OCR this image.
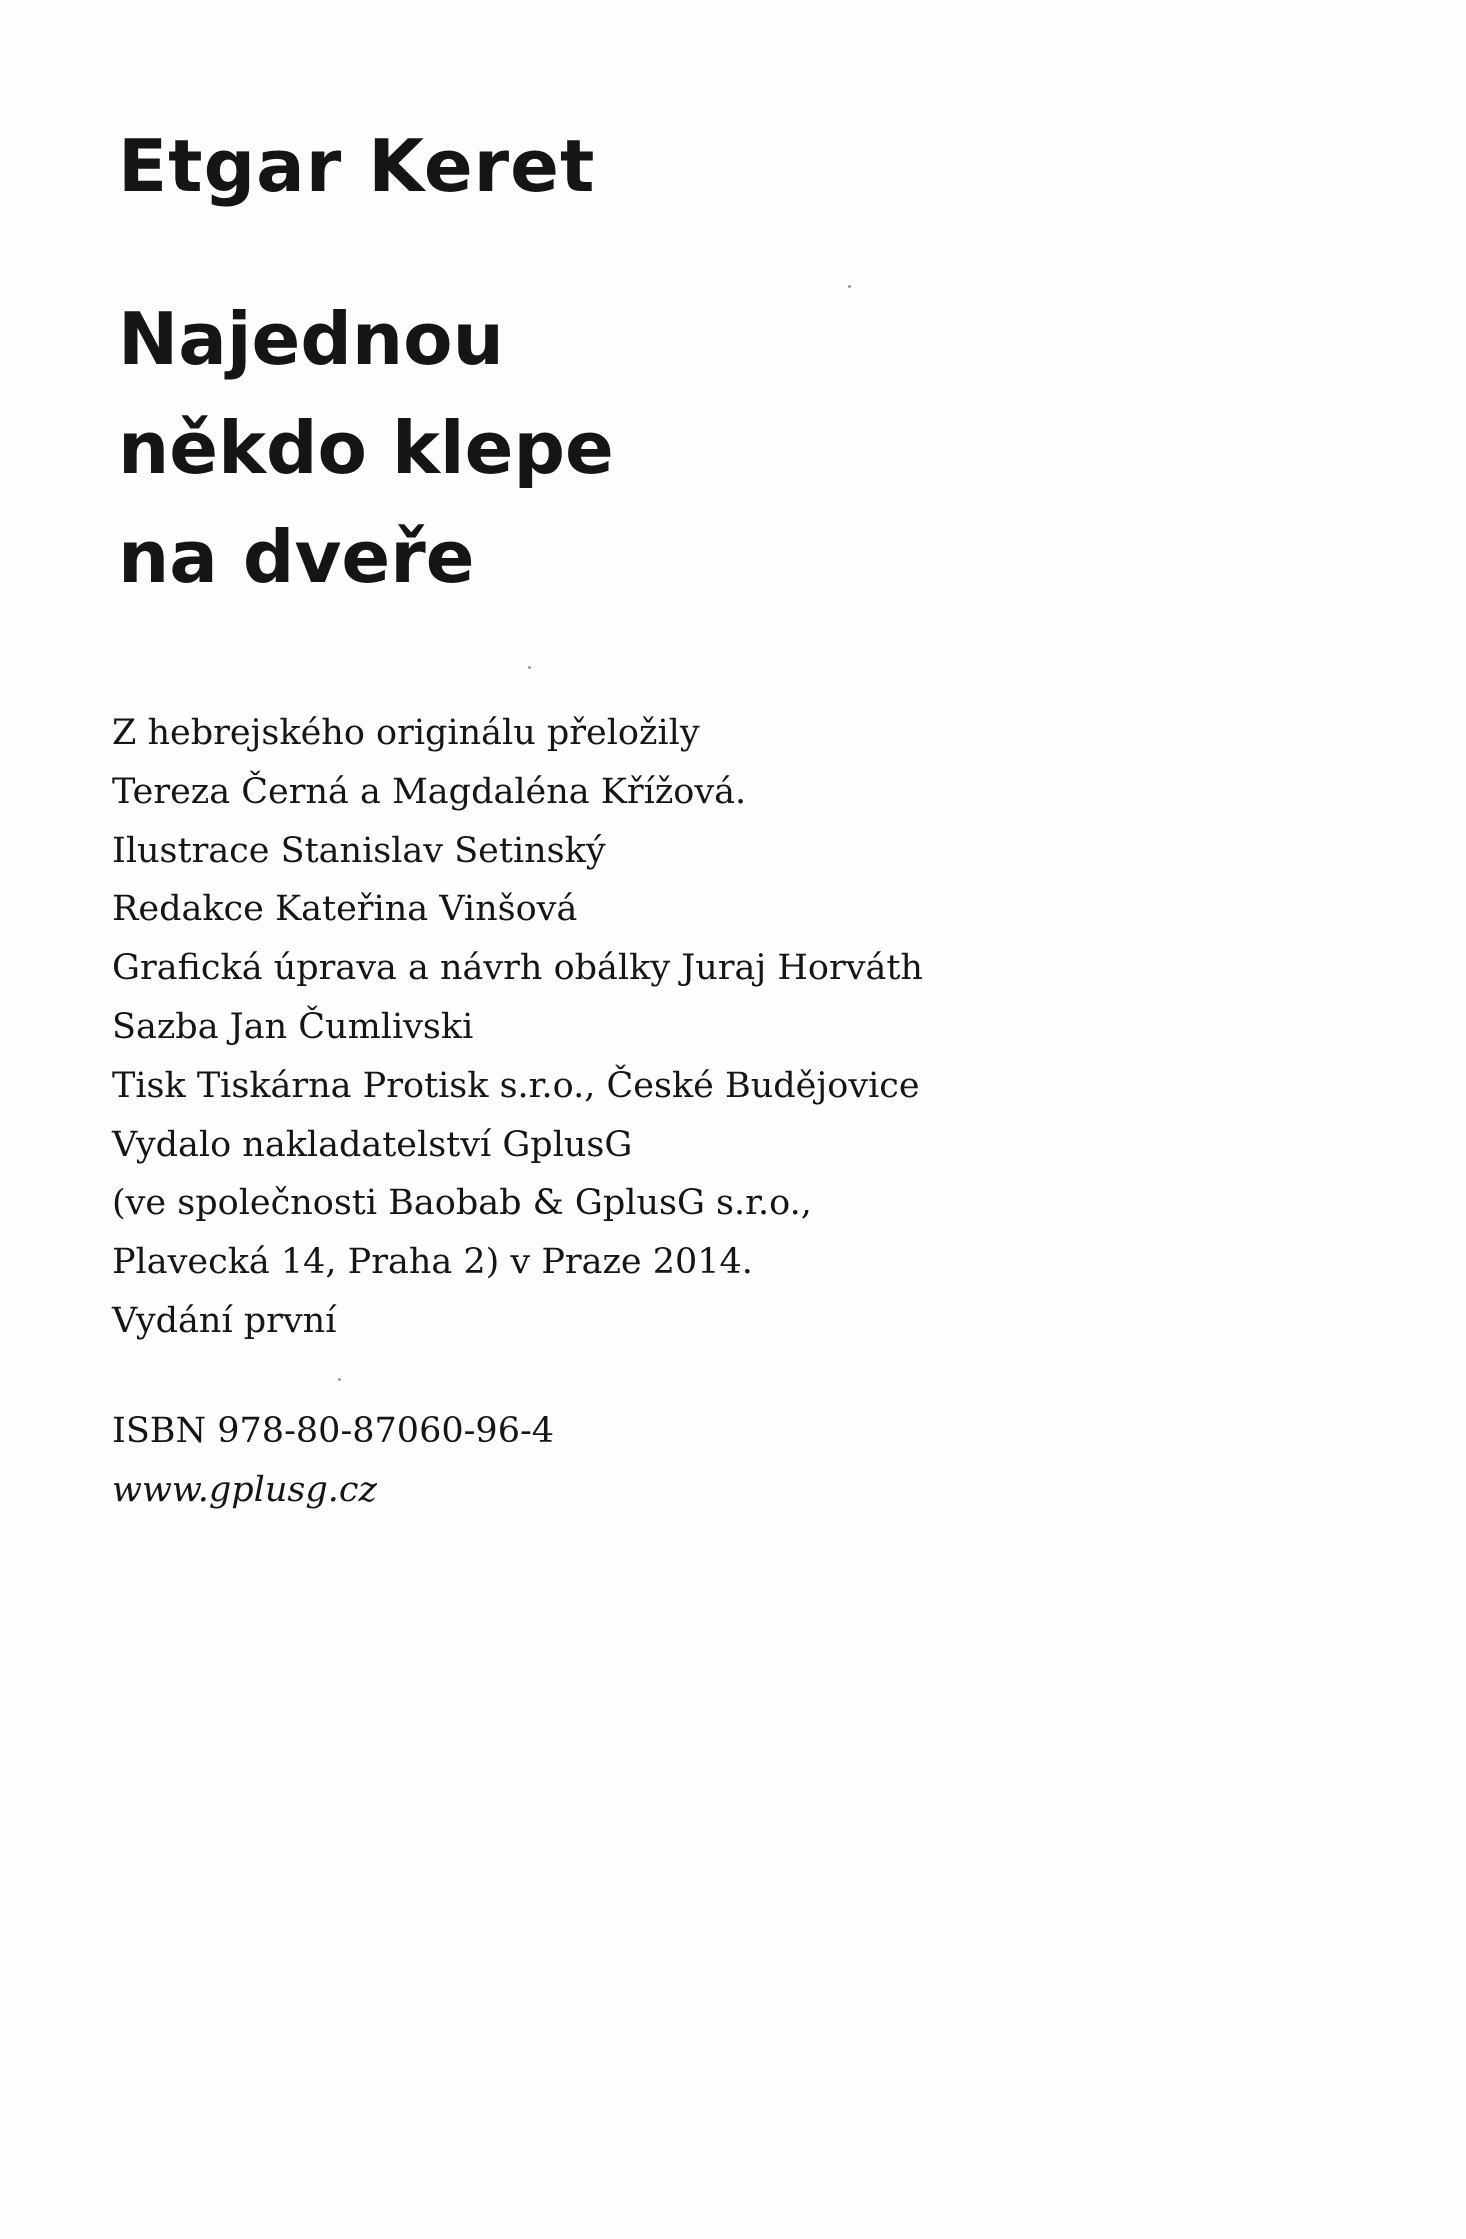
Etgar Keret
Najednou
někdo klepe
na dveře
Z hebrejského originálu přeložily
Tereza Černá a Magdaléna Křížová.
Ilustrace Stanislav Setinský
Redakce Kateřina Vinšová
Grafická úprava a návrh obálky Juraj Horváth
Sazba Jan Čumlivski
Tisk Tiskárna Protisk s.r.o., České Budějovice
Vydalo nakladatelství GplusG
(ve společnosti Baobab & GplusG s.r.o.,
Plavecká 14, Praha 2) v Praze 2014.
Vydání první

ISBN 978-80-87060-96-4

www.gplusg.cz
